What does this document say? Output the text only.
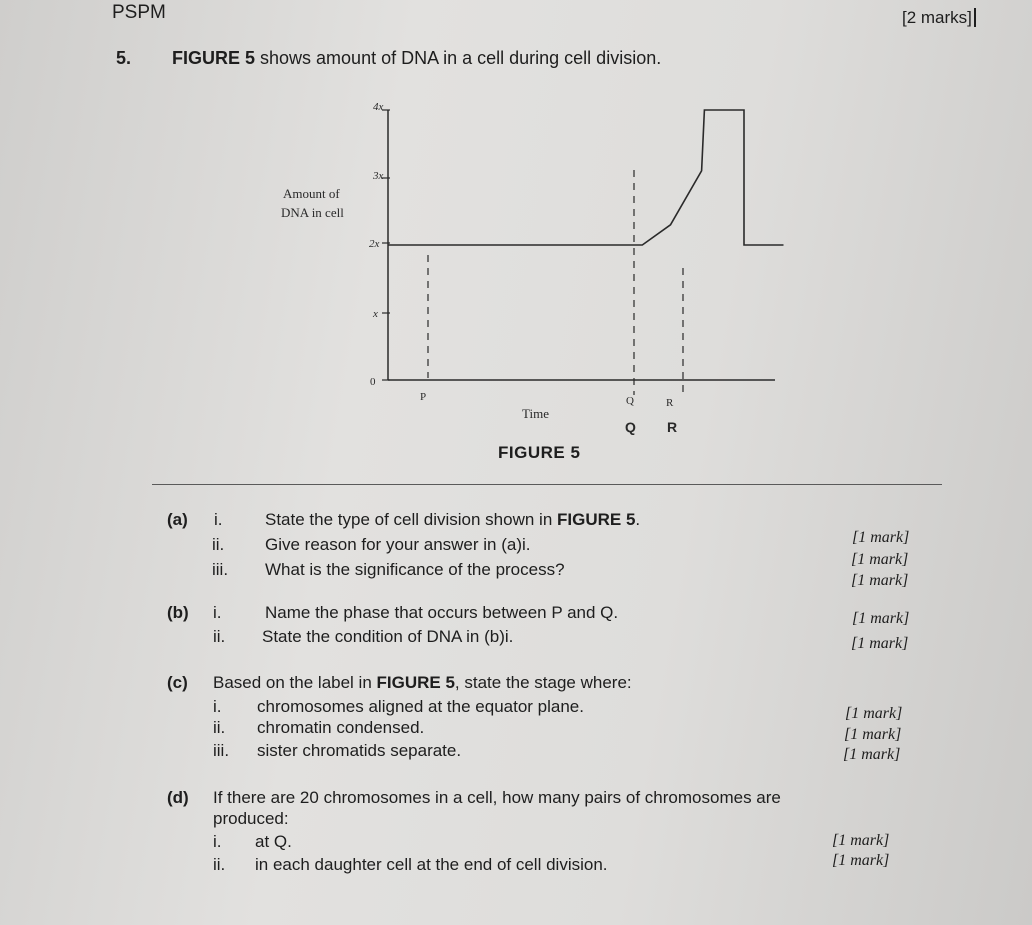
PSPM	[2 marks]
5. FIGURE 5 shows amount of DNA in a cell during cell division.
Amount of
DNA in cell
4x
3x
2x
x
0
P	Q	R
Time
Q R
FIGURE 5
(a) i.	State the type of cell division shown in FIGURE 5.
[1 mark]
ii. Give reason for your answer in (a)i.
[1 mark]
iii. What is the significance of the process?
[1 mark]
(b) i.	Name the phase that occurs between P and Q.	[1 mark]
ii. State the condition of DNA in (b)i.	[1 mark]
(c) Based on the label in FIGURE 5, state the stage where:
i. chromosomes aligned at the equator plane.	[1 mark]
ii. chromatin condensed.	[1 mark]
iii. sister chromatids separate.	[1 mark]
(d) If there are 20 chromosomes in a cell, how many pairs of chromosomes are
produced:
i. at Q.	[1 mark]
ii. in each daughter cell at the end of cell division.	[1 mark]
